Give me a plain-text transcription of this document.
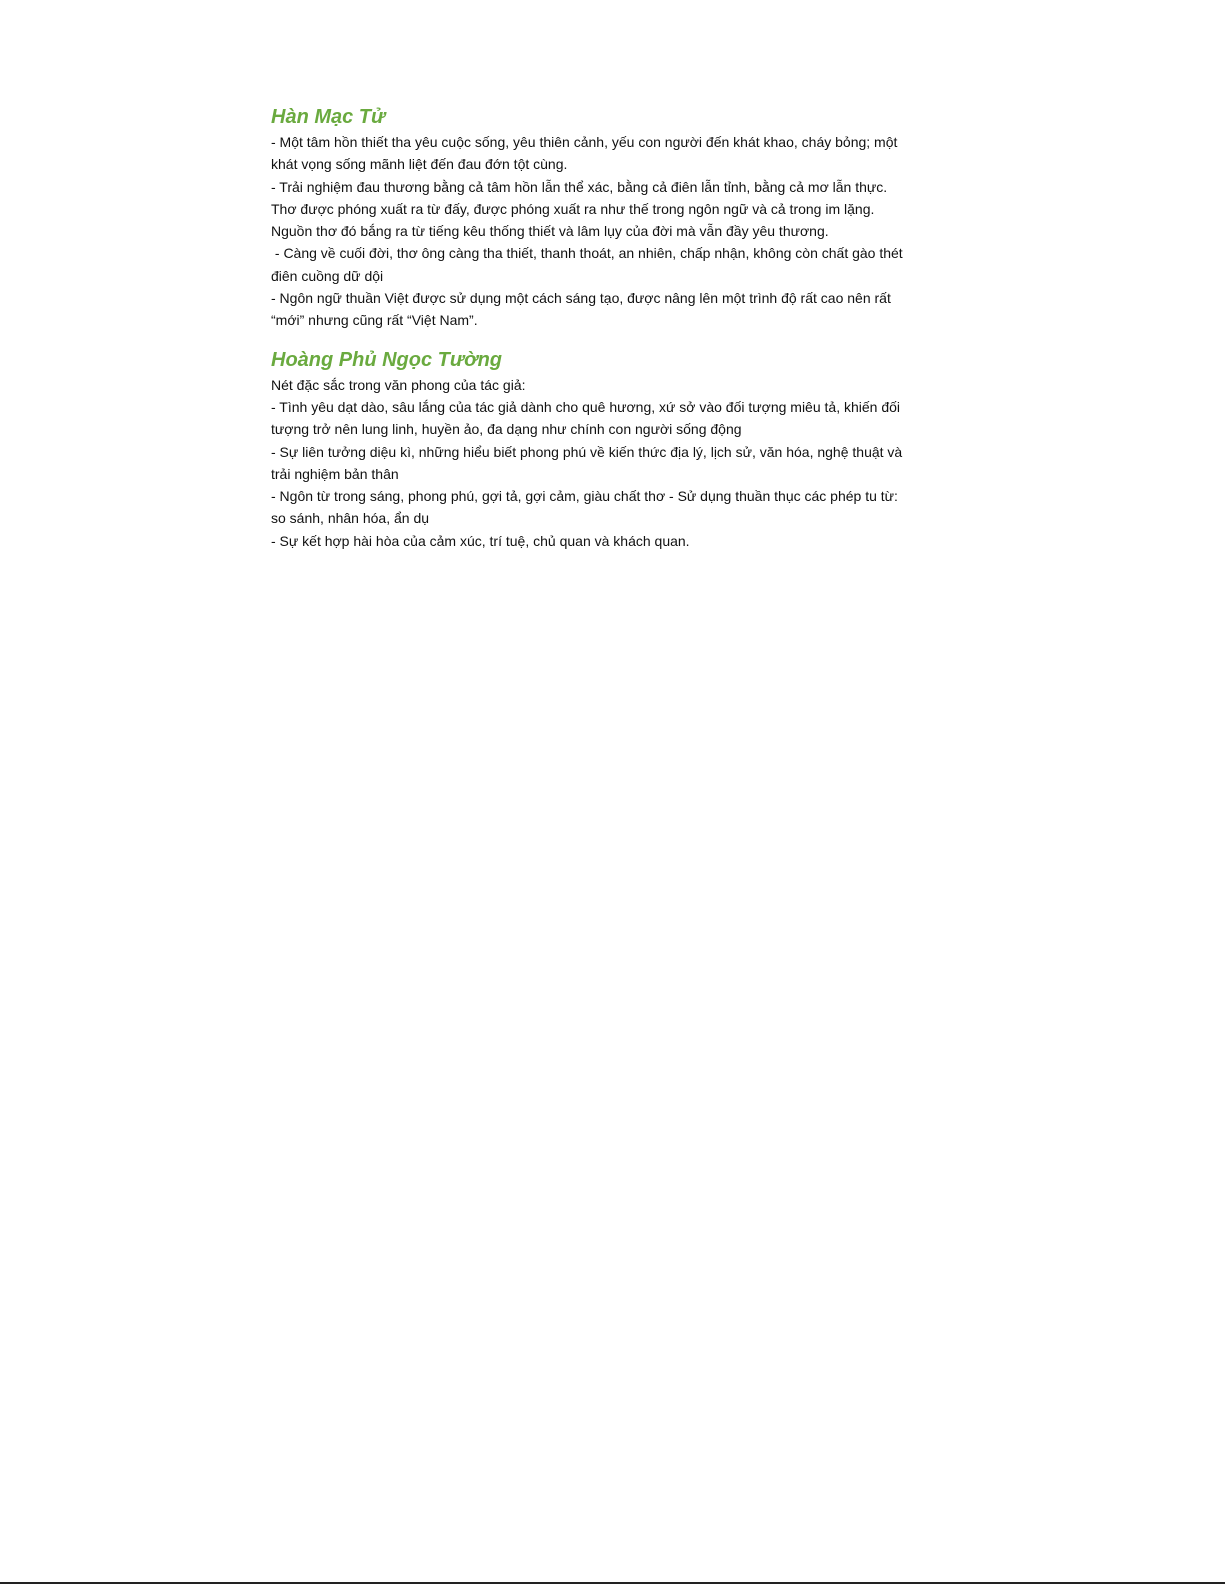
Hàn Mạc Tử

- Một tâm hồn thiết tha yêu cuộc sống, yêu thiên cảnh, yếu con người đến khát khao, cháy bỏng; một

khát vọng sống mãnh liệt đến đau đớn tột cùng.

- Trải nghiệm đau thương bằng cả tâm hồn lẫn thể xác, bằng cả điên lẫn tỉnh, bằng cả mơ lẫn thực.

Thơ được phóng xuất ra từ đấy, được phóng xuất ra như thế trong ngôn ngữ và cả trong im lặng.

Nguồn thơ đó bắng ra từ tiếng kêu thống thiết và lâm lụy của đời mà vẫn đầy yêu thương.

- Càng về cuối đời, thơ ông càng tha thiết, thanh thoát, an nhiên, chấp nhận, không còn chất gào thét

điên cuồng dữ dội

- Ngôn ngữ thuần Việt được sử dụng một cách sáng tạo, được nâng lên một trình độ rất cao nên rất

“mới” nhưng cũng rất “Việt Nam”.

Hoàng Phủ Ngọc Tường

Nét đặc sắc trong văn phong của tác giả:

- Tình yêu dạt dào, sâu lắng của tác giả dành cho quê hương, xứ sở vào đối tượng miêu tả, khiến đối

tượng trở nên lung linh, huyền ảo, đa dạng như chính con người sống động

- Sự liên tưởng diệu kì, những hiểu biết phong phú về kiến thức địa lý, lịch sử, văn hóa, nghệ thuật và

trải nghiệm bản thân

- Ngôn từ trong sáng, phong phú, gợi tả, gợi cảm, giàu chất thơ - Sử dụng thuần thục các phép tu từ:

so sánh, nhân hóa, ẩn dụ

- Sự kết hợp hài hòa của cảm xúc, trí tuệ, chủ quan và khách quan.
